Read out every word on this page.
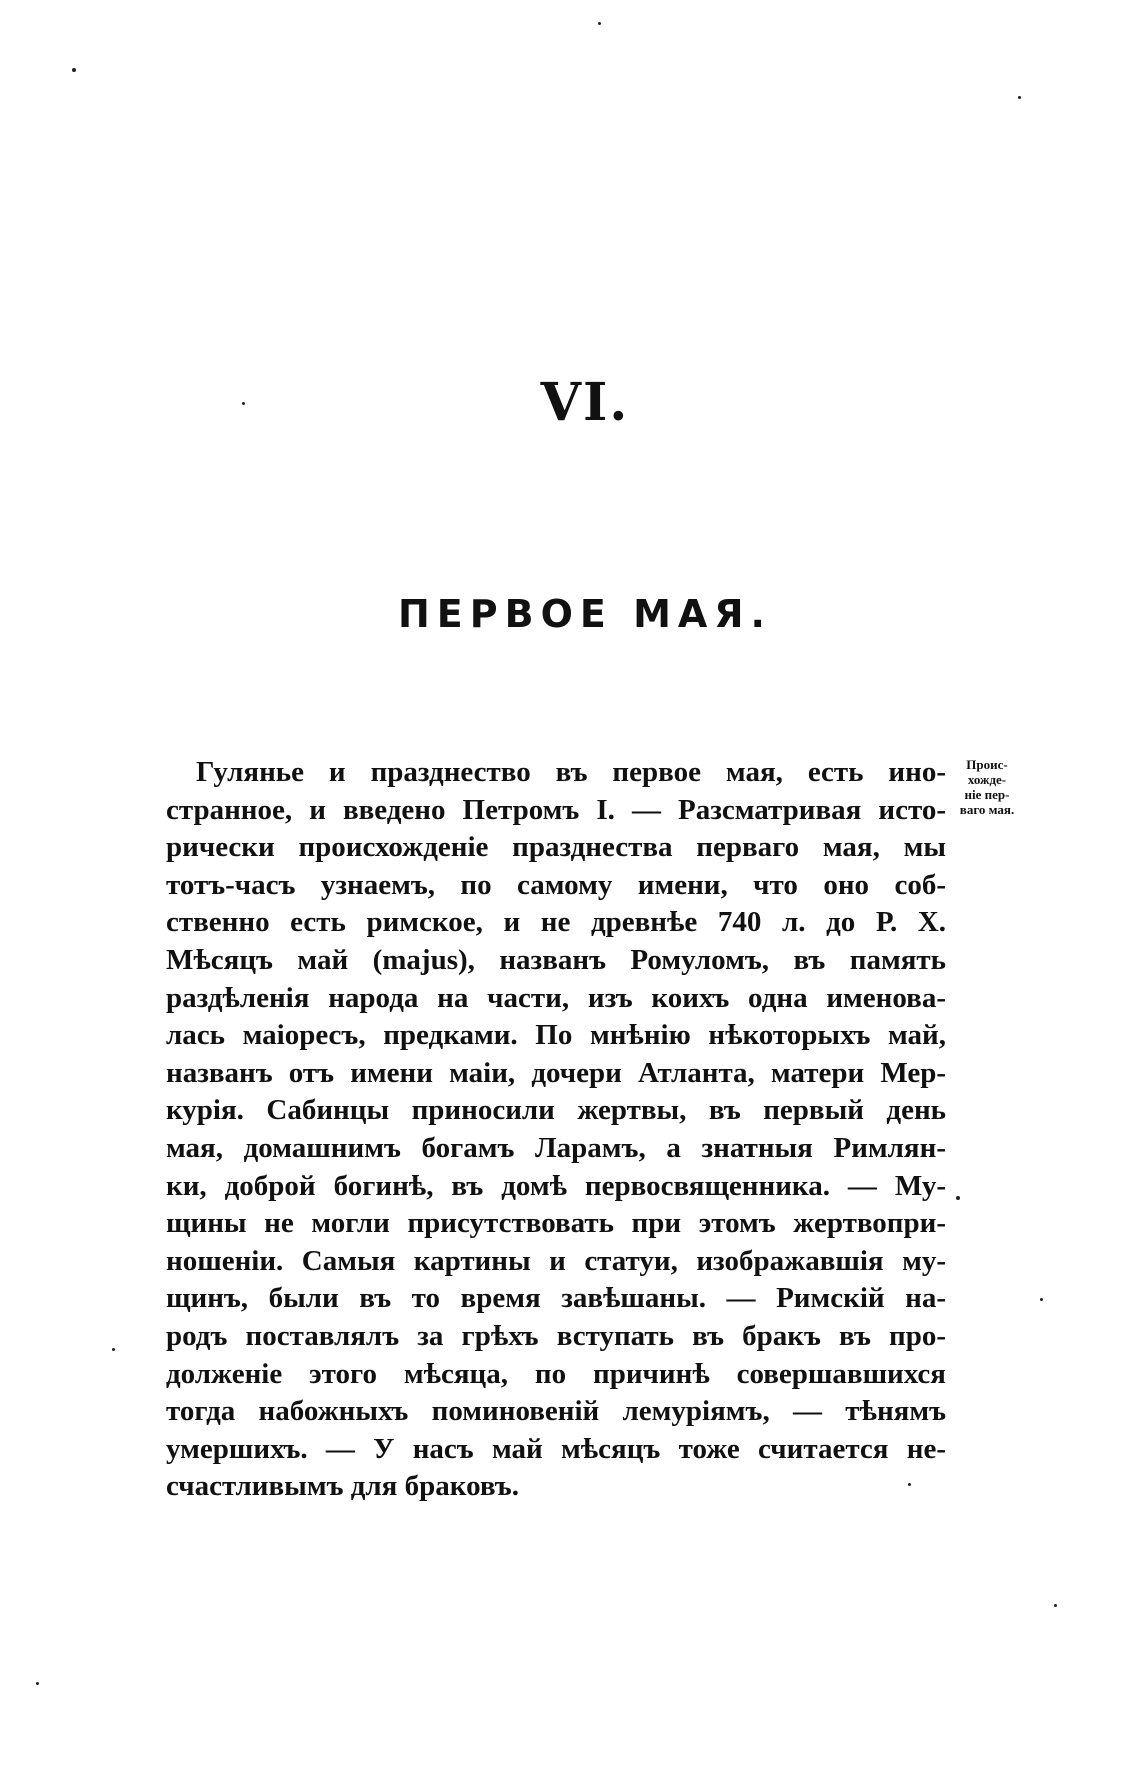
VI.
ПЕРВОЕ МАЯ.
Проис-
хожде-
ніе пер-
ваго мая.
Гулянье и празднество въ первое мая, есть ино-
странное, и введено Петромъ I. — Разсматривая исто-
рически происхожденіе празднества перваго мая, мы
тотъ-часъ узнаемъ, по самому имени, что оно соб-
ственно есть римское, и не древнѣе 740 л. до Р. Х.
Мѣсяцъ май (majus), названъ Ромуломъ, въ память
раздѣленія народа на части, изъ коихъ одна именова-
лась маіоресъ, предками. По мнѣнію нѣкоторыхъ май,
названъ отъ имени маіи, дочери Атланта, матери Мер-
курія. Сабинцы приносили жертвы, въ первый день
мая, домашнимъ богамъ Ларамъ, а знатныя Римлян-
ки, доброй богинѣ, въ домѣ первосвященника. — Му-
щины не могли присутствовать при этомъ жертвопри-
ношеніи. Самыя картины и статуи, изображавшія му-
щинъ, были въ то время завѣшаны. — Римскій на-
родъ поставлялъ за грѣхъ вступать въ бракъ въ про-
долженіе этого мѣсяца, по причинѣ совершавшихся
тогда набожныхъ поминовеній лемуріямъ, — тѣнямъ
умершихъ. — У насъ май мѣсяцъ тоже считается не-
счастливымъ для браковъ.
